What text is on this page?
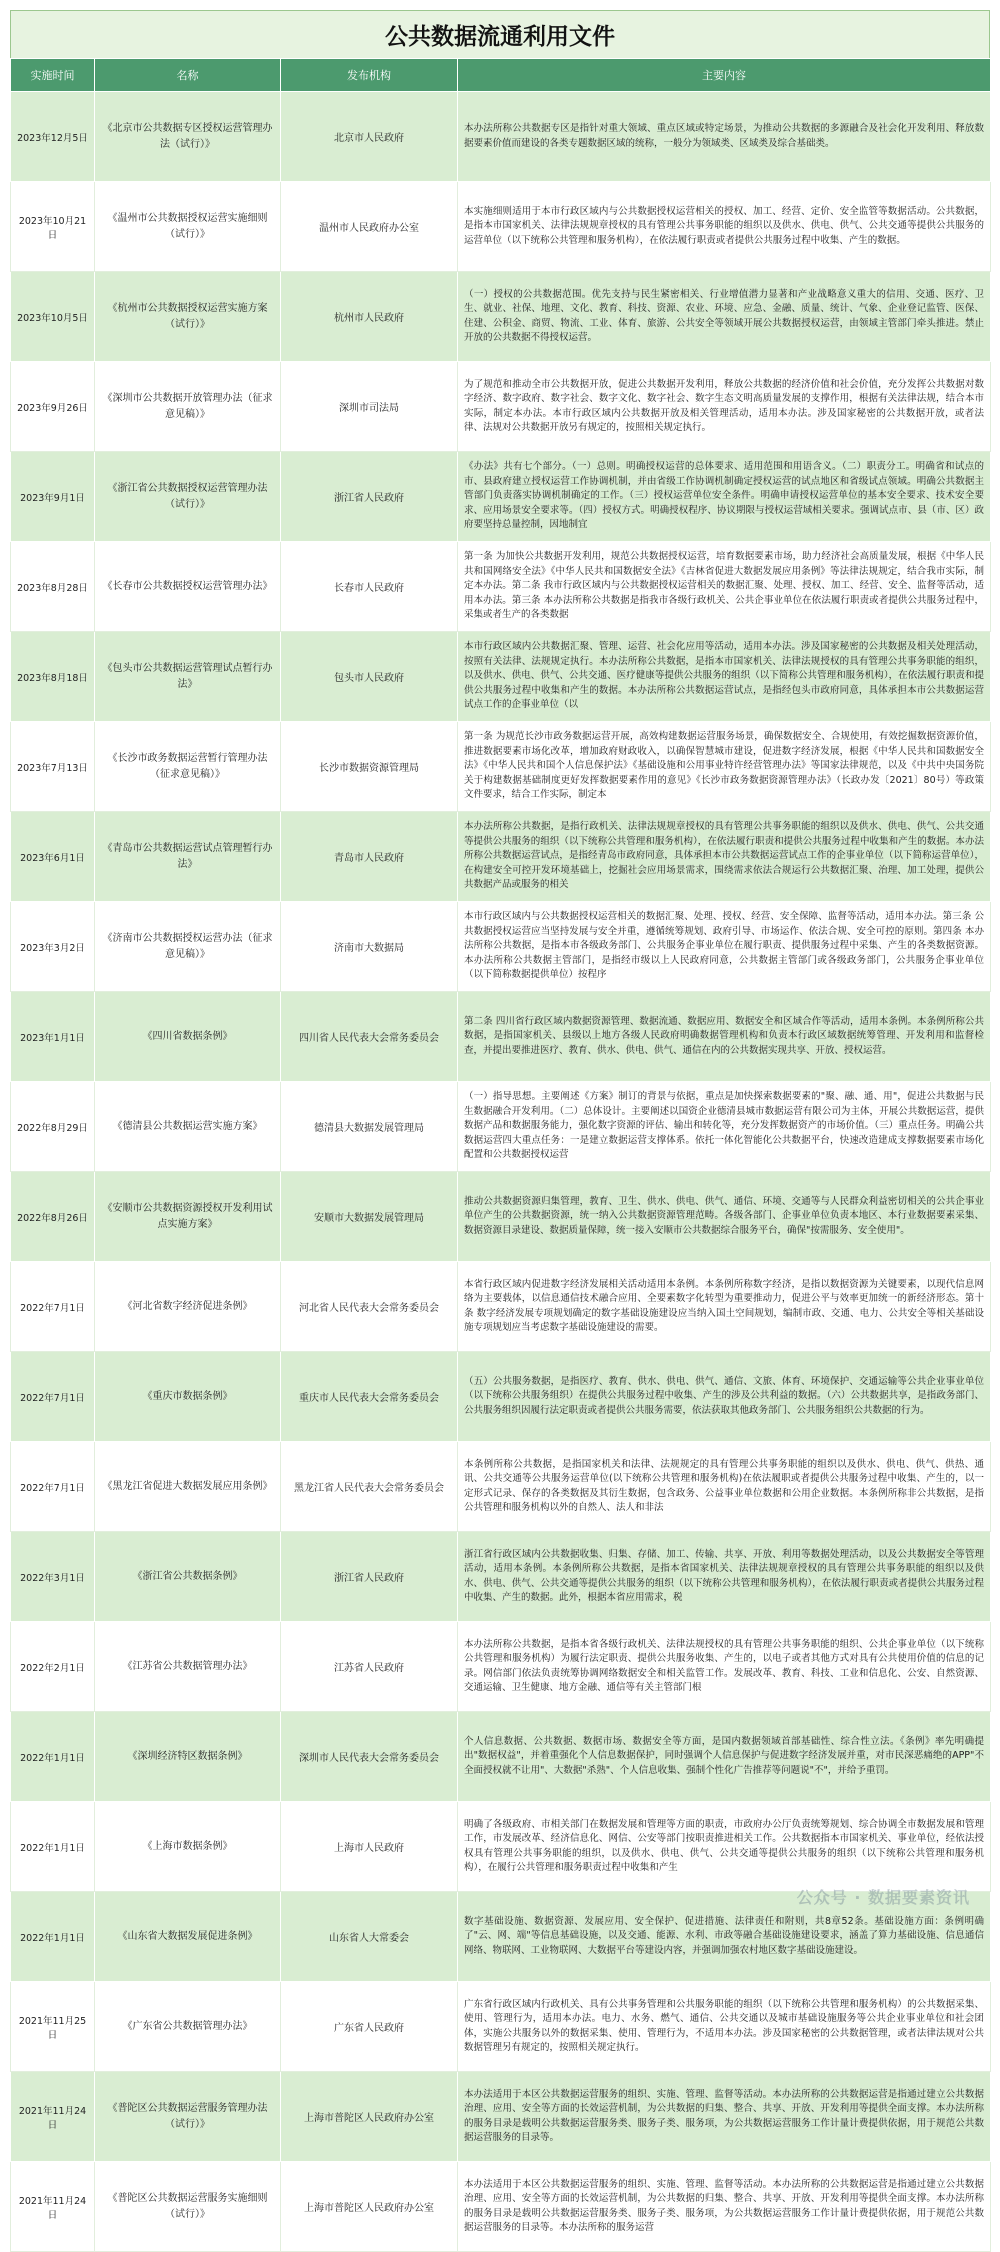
公共数据流通利用文件
实施时间	名称	发布机构	主要内容
2023年12月5日	《北京市公共数据专区授权运营管理办法（试行）》	北京市人民政府	本办法所称公共数据专区是指针对重大领域、重点区域或特定场景，为推动公共数据的多源融合及社会化开发利用、释放数据要素价值而建设的各类专题数据区域的统称，一般分为领域类、区域类及综合基础类。

2023年10月21日	《温州市公共数据授权运营实施细则（试行）》	温州市人民政府办公室	本实施细则适用于本市行政区域内与公共数据授权运营相关的授权、加工、经营、定价、安全监管等数据活动。公共数据，是指本市国家机关、法律法规规章授权的具有管理公共事务职能的组织以及供水、供电、供气、公共交通等提供公共服务的运营单位（以下统称公共管理和服务机构），在依法履行职责或者提供公共服务过程中收集、产生的数据。

2023年10月5日	《杭州市公共数据授权运营实施方案（试行）》	杭州市人民政府	（一）授权的公共数据范围。优先支持与民生紧密相关、行业增值潜力显著和产业战略意义重大的信用、交通、医疗、卫生、就业、社保、地理、文化、教育、科技、资源、农业、环境、应急、金融、质量、统计、气象、企业登记监管、医保、住建、公积金、商贸、物流、工业、体育、旅游、公共安全等领域开展公共数据授权运营，由领域主管部门牵头推进。禁止开放的公共数据不得授权运营。

2023年9月26日	《深圳市公共数据开放管理办法（征求意见稿）》	深圳市司法局	为了规范和推动全市公共数据开放，促进公共数据开发利用，释放公共数据的经济价值和社会价值，充分发挥公共数据对数字经济、数字政府、数字社会、数字文化、数字社会、数字生态文明高质量发展的支撑作用，根据有关法律法规，结合本市实际，制定本办法。本市行政区域内公共数据开放及相关管理活动，适用本办法。涉及国家秘密的公共数据开放，或者法律、法规对公共数据开放另有规定的，按照相关规定执行。

2023年9月1日	《浙江省公共数据授权运营管理办法（试行）》	浙江省人民政府	《办法》共有七个部分。（一）总则。明确授权运营的总体要求、适用范围和用语含义。（二）职责分工。明确省和试点的市、县政府建立授权运营工作协调机制，并由省级工作协调机制确定授权运营的试点地区和省级试点领域。明确公共数据主管部门负责落实协调机制确定的工作。（三）授权运营单位安全条件。明确申请授权运营单位的基本安全要求、技术安全要求、应用场景安全要求等。（四）授权方式。明确授权程序、协议期限与授权运营域相关要求。强调试点市、县（市、区）政府要坚持总量控制，因地制宜

2023年8月28日	《长春市公共数据授权运营管理办法》	长春市人民政府	第一条 为加快公共数据开发利用，规范公共数据授权运营，培育数据要素市场，助力经济社会高质量发展，根据《中华人民共和国网络安全法》《中华人民共和国数据安全法》《吉林省促进大数据发展应用条例》等法律法规规定，结合我市实际，制定本办法。第二条 我市行政区域内与公共数据授权运营相关的数据汇聚、处理、授权、加工、经营、安全、监督等活动，适用本办法。第三条 本办法所称公共数据是指我市各级行政机关、公共企事业单位在依法履行职责或者提供公共服务过程中，采集或者生产的各类数据

2023年8月18日	《包头市公共数据运营管理试点暂行办法》	包头市人民政府	本市行政区域内公共数据汇聚、管理、运营、社会化应用等活动，适用本办法。涉及国家秘密的公共数据及相关处理活动，按照有关法律、法规规定执行。本办法所称公共数据，是指本市国家机关、法律法规授权的具有管理公共事务职能的组织，以及供水、供电、供气、公共交通、医疗健康等提供公共服务的组织（以下简称公共管理和服务机构），在依法履行职责和提供公共服务过程中收集和产生的数据。本办法所称公共数据运营试点，是指经包头市政府同意，具体承担本市公共数据运营试点工作的企事业单位（以

2023年7月13日	《长沙市政务数据运营暂行管理办法（征求意见稿）》	长沙市数据资源管理局	第一条 为规范长沙市政务数据运营开展，高效构建数据运营服务场景，确保数据安全、合规使用，有效挖掘数据资源价值，推进数据要素市场化改革，增加政府财政收入，以确保智慧城市建设，促进数字经济发展，根据《中华人民共和国数据安全法》《中华人民共和国个人信息保护法》《基础设施和公用事业特许经营管理办法》等国家法律规范，以及《中共中央国务院关于构建数据基础制度更好发挥数据要素作用的意见》《长沙市政务数据资源管理办法》（长政办发〔2021〕80号）等政策文件要求，结合工作实际，制定本

2023年6月1日	《青岛市公共数据运营试点管理暂行办法》	青岛市人民政府	本办法所称公共数据，是指行政机关、法律法规规章授权的具有管理公共事务职能的组织以及供水、供电、供气、公共交通等提供公共服务的组织（以下统称公共管理和服务机构），在依法履行职责和提供公共服务过程中收集和产生的数据。本办法所称公共数据运营试点，是指经青岛市政府同意，具体承担本市公共数据运营试点工作的企事业单位（以下简称运营单位），在构建安全可控开发环境基础上，挖掘社会应用场景需求，围绕需求依法合规运行公共数据汇聚、治理、加工处理，提供公共数据产品或服务的相关

2023年3月2日	《济南市公共数据授权运营办法（征求意见稿）》	济南市大数据局	本市行政区域内与公共数据授权运营相关的数据汇聚、处理、授权、经营、安全保障、监督等活动，适用本办法。第三条 公共数据授权运营应当坚持发展与安全并重，遵循统筹规划、政府引导、市场运作、依法合规、安全可控的原则。第四条 本办法所称公共数据，是指本市各级政务部门、公共服务企事业单位在履行职责、提供服务过程中采集、产生的各类数据资源。本办法所称公共数据主管部门，是指经市级以上人民政府同意，公共数据主管部门或各级政务部门，公共服务企事业单位（以下简称数据提供单位）按程序

2023年1月1日	《四川省数据条例》	四川省人民代表大会常务委员会	第二条 四川省行政区域内数据资源管理、数据流通、数据应用、数据安全和区域合作等活动，适用本条例。本条例所称公共数据，是指国家机关、县级以上地方各级人民政府明确数据管理机构和负责本行政区域数据统筹管理、开发利用和监督检查，并提出要推进医疗、教育、供水、供电、供气、通信在内的公共数据实现共享、开放、授权运营。

2022年8月29日	《德清县公共数据运营实施方案》	德清县大数据发展管理局	（一）指导思想。主要阐述《方案》制订的背景与依据，重点是加快探索数据要素的"聚、融、通、用"，促进公共数据与民生数据融合开发利用。（二）总体设计。主要阐述以国资企业德清县城市数据运营有限公司为主体，开展公共数据运营，提供数据产品和数据服务能力，强化数字资源的评估、输出和转化等，充分发挥数据资产的市场价值。（三）重点任务。明确公共数据运营四大重点任务：一是建立数据运营支撑体系。依托一体化智能化公共数据平台，快速改造建成支撑数据要素市场化配置和公共数据授权运营

2022年8月26日	《安顺市公共数据资源授权开发利用试点实施方案》	安顺市大数据发展管理局	推动公共数据资源归集管理，教育、卫生、供水、供电、供气、通信、环境、交通等与人民群众利益密切相关的公共企事业单位产生的公共数据资源，统一纳入公共数据资源管理范畴。各级各部门、企事业单位负责本地区、本行业数据要素采集、数据资源目录建设、数据质量保障，统一接入安顺市公共数据综合服务平台，确保"按需服务、安全使用"。

2022年7月1日	《河北省数字经济促进条例》	河北省人民代表大会常务委员会	本省行政区域内促进数字经济发展相关活动适用本条例。本条例所称数字经济，是指以数据资源为关键要素，以现代信息网络为主要载体，以信息通信技术融合应用、全要素数字化转型为重要推动力，促进公平与效率更加统一的新经济形态。第十条 数字经济发展专项规划确定的数字基础设施建设应当纳入国土空间规划，编制市政、交通、电力、公共安全等相关基础设施专项规划应当考虑数字基础设施建设的需要。

2022年7月1日	《重庆市数据条例》	重庆市人民代表大会常务委员会	（五）公共服务数据，是指医疗、教育、供水、供电、供气、通信、文旅、体育、环境保护、交通运输等公共企业事业单位（以下统称公共服务组织）在提供公共服务过程中收集、产生的涉及公共利益的数据。（六）公共数据共享，是指政务部门、公共服务组织因履行法定职责或者提供公共服务需要，依法获取其他政务部门、公共服务组织公共数据的行为。

2022年7月1日	《黑龙江省促进大数据发展应用条例》	黑龙江省人民代表大会常务委员会	本条例所称公共数据，是指国家机关和法律、法规规定的具有管理公共事务职能的组织以及供水、供电、供气、供热、通讯、公共交通等公共服务运营单位(以下统称公共管理和服务机构)在依法履职或者提供公共服务过程中收集、产生的，以一定形式记录、保存的各类数据及其衍生数据，包含政务、公益事业单位数据和公用企业数据。本条例所称非公共数据，是指公共管理和服务机构以外的自然人、法人和非法

2022年3月1日	《浙江省公共数据条例》	浙江省人民政府	浙江省行政区域内公共数据收集、归集、存储、加工、传输、共享、开放、利用等数据处理活动，以及公共数据安全等管理活动，适用本条例。本条例所称公共数据，是指本省国家机关、法律法规规章授权的具有管理公共事务职能的组织以及供水、供电、供气、公共交通等提供公共服务的组织（以下统称公共管理和服务机构），在依法履行职责或者提供公共服务过程中收集、产生的数据。此外，根据本省应用需求，税

2022年2月1日	《江苏省公共数据管理办法》	江苏省人民政府	本办法所称公共数据，是指本省各级行政机关、法律法规授权的具有管理公共事务职能的组织、公共企事业单位（以下统称公共管理和服务机构）为履行法定职责、提供公共服务收集、产生的，以电子或者其他方式对具有公共使用价值的信息的记录。网信部门依法负责统筹协调网络数据安全和相关监管工作。发展改革、教育、科技、工业和信息化、公安、自然资源、交通运输、卫生健康、地方金融、通信等有关主管部门根

2022年1月1日	《深圳经济特区数据条例》	深圳市人民代表大会常务委员会	个人信息数据、公共数据、数据市场、数据安全等方面，是国内数据领域首部基础性、综合性立法。《条例》率先明确提出"数据权益"，并着重强化个人信息数据保护，同时强调个人信息保护与促进数字经济发展并重，对市民深恶痛绝的APP"不全面授权就不让用"、大数据"杀熟"、个人信息收集、强制个性化广告推荐等问题说"不"，并给予重罚。

2022年1月1日	《上海市数据条例》	上海市人民政府	明确了各级政府、市相关部门在数据发展和管理等方面的职责，市政府办公厅负责统筹规划、综合协调全市数据发展和管理工作，市发展改革、经济信息化、网信、公安等部门按职责推进相关工作。公共数据指本市国家机关、事业单位，经依法授权具有管理公共事务职能的组织，以及供水、供电、供气、公共交通等提供公共服务的组织（以下统称公共管理和服务机构），在履行公共管理和服务职责过程中收集和产生

2022年1月1日	《山东省大数据发展促进条例》	山东省人大常委会	数字基础设施、数据资源、发展应用、安全保护、促进措施、法律责任和附则，共8章52条。基础设施方面：条例明确了"云、网、端"等信息基础设施，以及交通、能源、水利、市政等融合基础设施建设要求，涵盖了算力基础设施、信息通信网络、物联网、工业物联网、大数据平台等建设内容，并强调加强农村地区数字基础设施建设。

2021年11月25日	《广东省公共数据管理办法》	广东省人民政府	广东省行政区域内行政机关、具有公共事务管理和公共服务职能的组织（以下统称公共管理和服务机构）的公共数据采集、使用、管理行为，适用本办法。电力、水务、燃气、通信、公共交通以及城市基础设施服务等公共企业事业单位和社会团体，实施公共服务以外的数据采集、使用、管理行为，不适用本办法。涉及国家秘密的公共数据管理，或者法律法规对公共数据管理另有规定的，按照相关规定执行。

2021年11月24日	《普陀区公共数据运营服务管理办法（试行）》	上海市普陀区人民政府办公室	本办法适用于本区公共数据运营服务的组织、实施、管理、监督等活动。本办法所称的公共数据运营是指通过建立公共数据治理、应用、安全等方面的长效运营机制，为公共数据的归集、整合、共享、开放、开发利用等提供全面支撑。本办法所称的服务目录是载明公共数据运营服务类、服务子类、服务项，为公共数据运营服务工作计量计费提供依据，用于规范公共数据运营服务的目录等。

2021年11月24日	《普陀区公共数据运营服务实施细则（试行）》	上海市普陀区人民政府办公室	本办法适用于本区公共数据运营服务的组织、实施、管理、监督等活动。本办法所称的公共数据运营是指通过建立公共数据治理、应用、安全等方面的长效运营机制，为公共数据的归集、整合、共享、开放、开发利用等提供全面支撑。本办法所称的服务目录是载明公共数据运营服务类、服务子类、服务项，为公共数据运营服务工作计量计费提供依据，用于规范公共数据运营服务的目录等。本办法所称的服务运营
公众号 · 数据要素资讯
